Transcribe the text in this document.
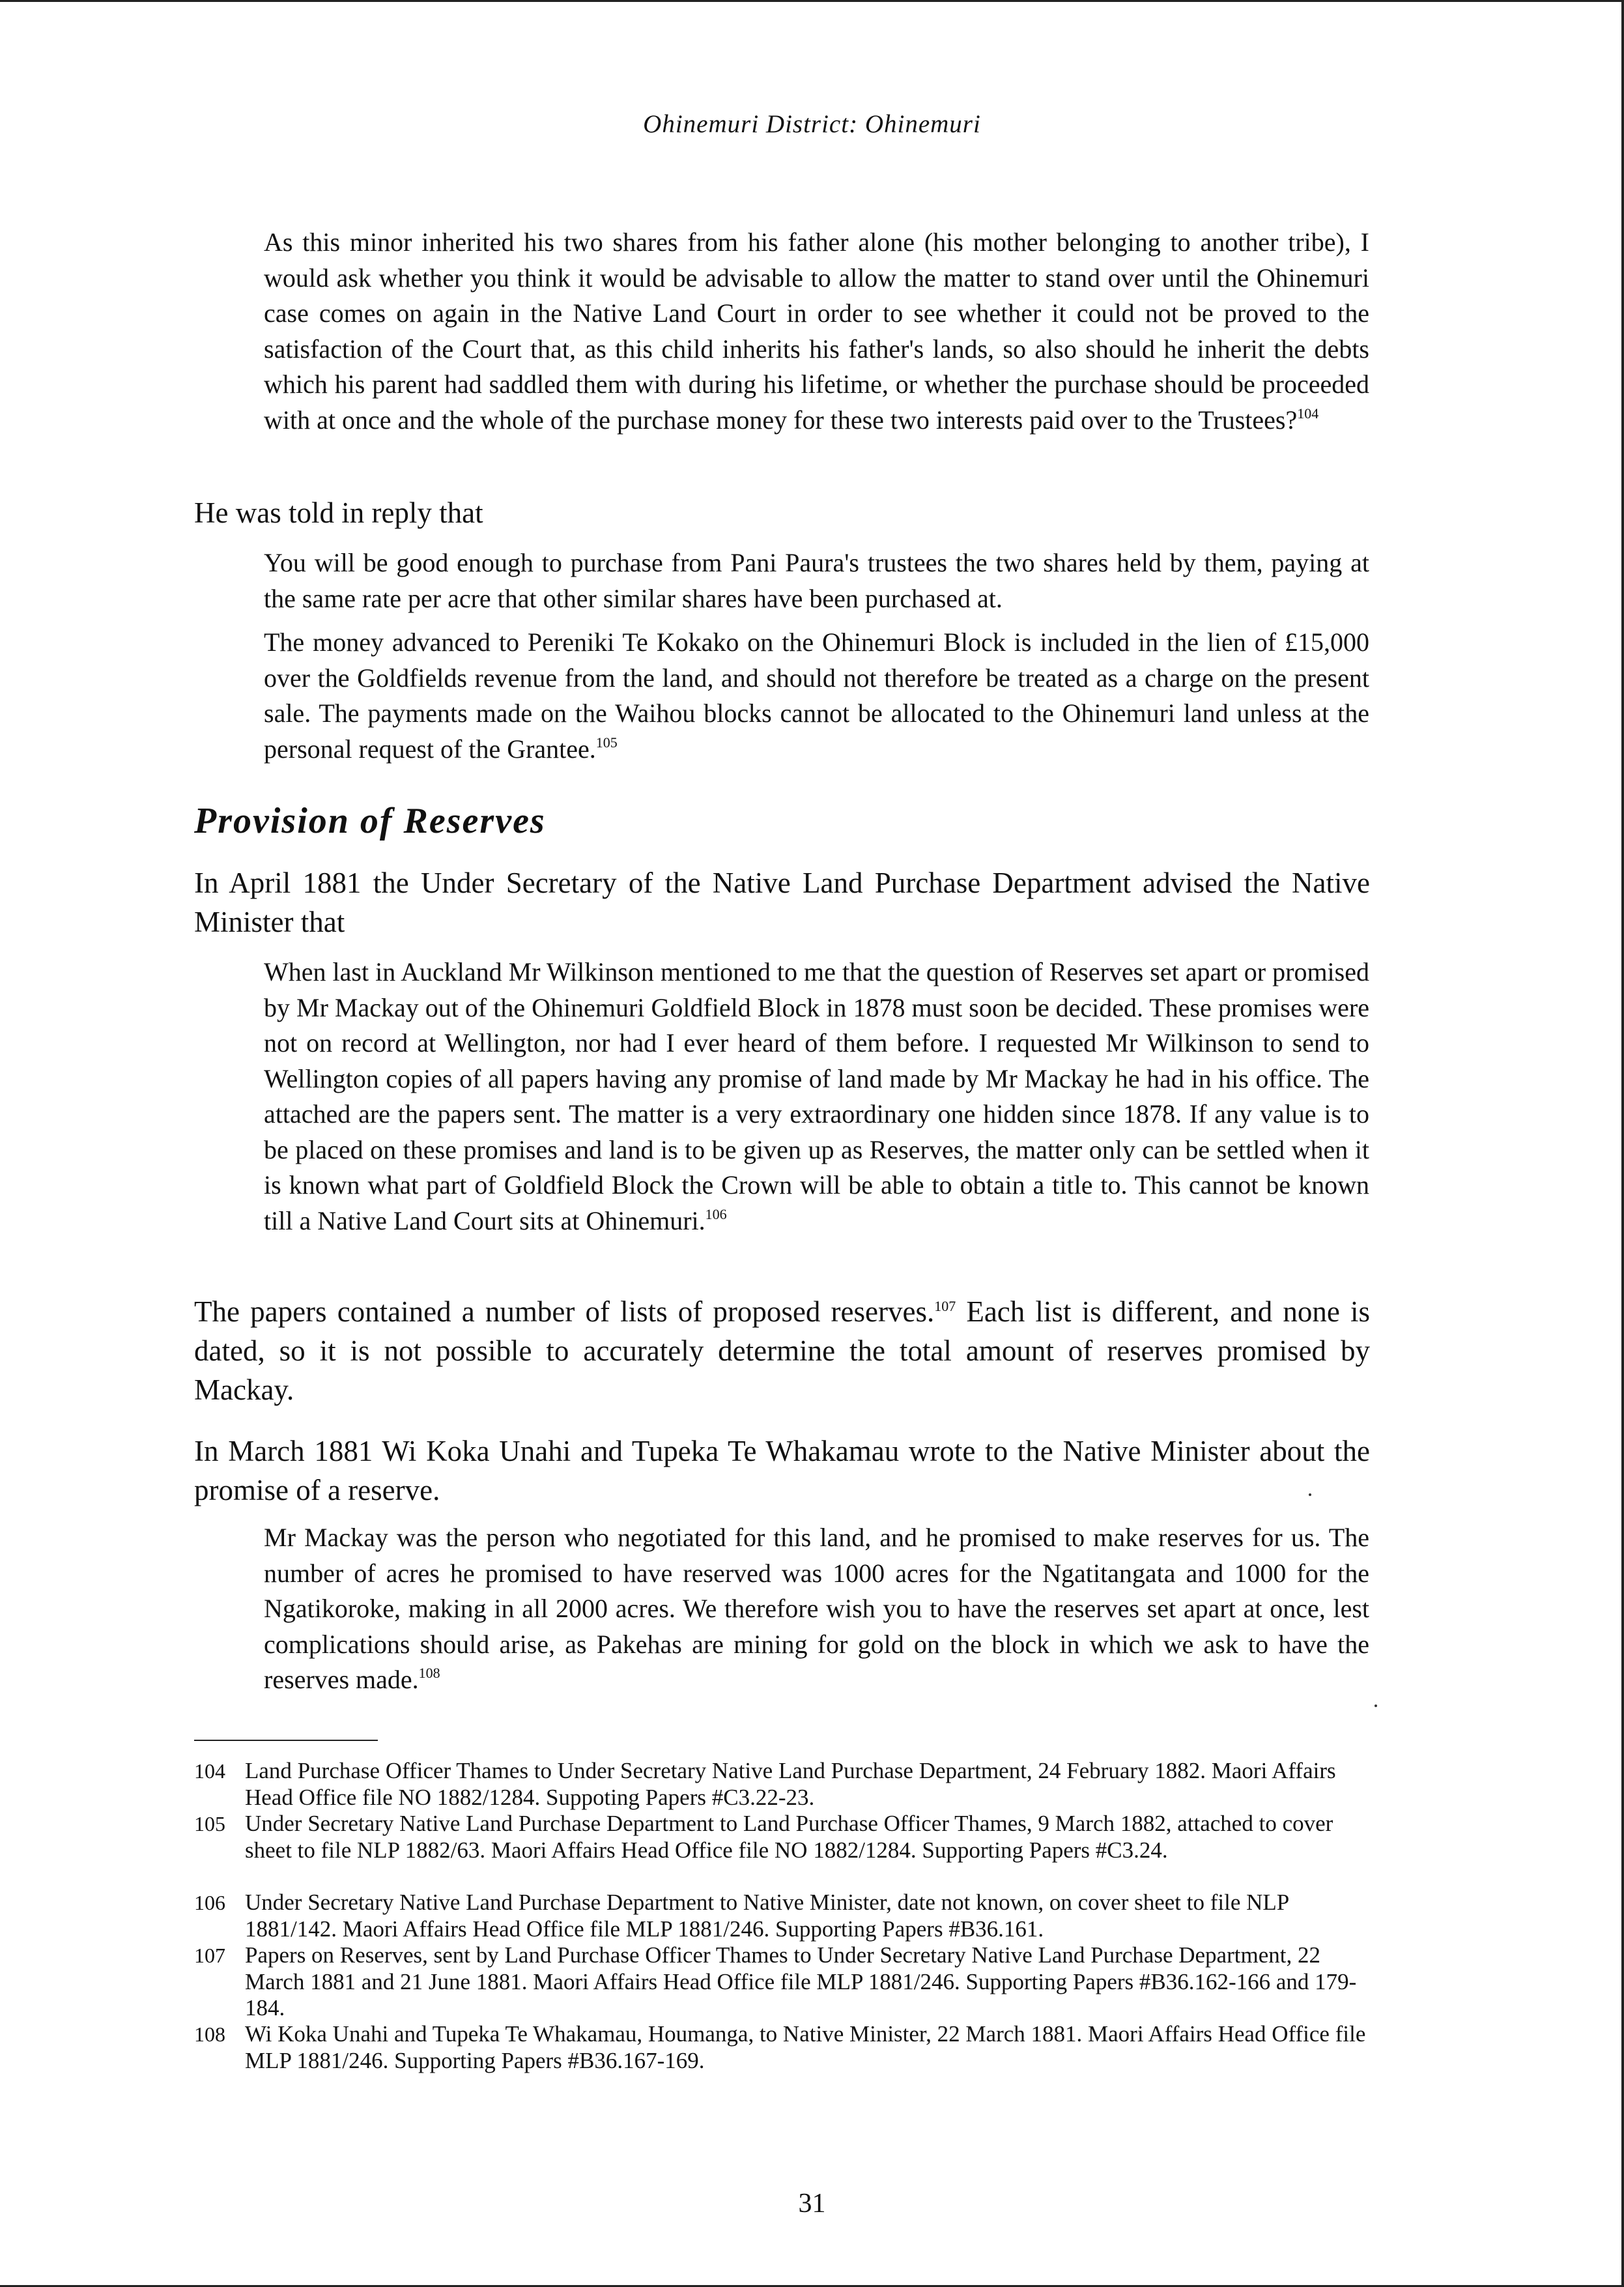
Ohinemuri District: Ohinemuri

As this minor inherited his two shares from his father alone (his mother belonging to another tribe), I would ask whether you think it would be advisable to allow the matter to stand over until the Ohinemuri case comes on again in the Native Land Court in order to see whether it could not be proved to the satisfaction of the Court that, as this child inherits his father's lands, so also should he inherit the debts which his parent had saddled them with during his lifetime, or whether the purchase should be proceeded with at once and the whole of the purchase money for these two interests paid over to the Trustees?$^{104}$

He was told in reply that

You will be good enough to purchase from Pani Paura's trustees the two shares held by them, paying at the same rate per acre that other similar shares have been purchased at.

The money advanced to Pereniki Te Kokako on the Ohinemuri Block is included in the lien of £15,000 over the Goldfields revenue from the land, and should not therefore be treated as a charge on the present sale. The payments made on the Waihou blocks cannot be allocated to the Ohinemuri land unless at the personal request of the Grantee.$^{105}$

Provision of Reserves

In April 1881 the Under Secretary of the Native Land Purchase Department advised the Native Minister that

When last in Auckland Mr Wilkinson mentioned to me that the question of Reserves set apart or promised by Mr Mackay out of the Ohinemuri Goldfield Block in 1878 must soon be decided. These promises were not on record at Wellington, nor had I ever heard of them before. I requested Mr Wilkinson to send to Wellington copies of all papers having any promise of land made by Mr Mackay he had in his office. The attached are the papers sent. The matter is a very extraordinary one hidden since 1878. If any value is to be placed on these promises and land is to be given up as Reserves, the matter only can be settled when it is known what part of Goldfield Block the Crown will be able to obtain a title to. This cannot be known till a Native Land Court sits at Ohinemuri.$^{106}$

The papers contained a number of lists of proposed reserves.$^{107}$ Each list is different, and none is dated, so it is not possible to accurately determine the total amount of reserves promised by Mackay.

In March 1881 Wi Koka Unahi and Tupeka Te Whakamau wrote to the Native Minister about the promise of a reserve.

Mr Mackay was the person who negotiated for this land, and he promised to make reserves for us. The number of acres he promised to have reserved was 1000 acres for the Ngatitangata and 1000 for the Ngatikoroke, making in all 2000 acres. We therefore wish you to have the reserves set apart at once, lest complications should arise, as Pakehas are mining for gold on the block in which we ask to have the reserves made.$^{108}$

104 Land Purchase Officer Thames to Under Secretary Native Land Purchase Department, 24 February 1882. Maori Affairs Head Office file NO 1882/1284. Suppoting Papers #C3.22-23.
105 Under Secretary Native Land Purchase Department to Land Purchase Officer Thames, 9 March 1882, attached to cover sheet to file NLP 1882/63. Maori Affairs Head Office file NO 1882/1284. Supporting Papers #C3.24.
106 Under Secretary Native Land Purchase Department to Native Minister, date not known, on cover sheet to file NLP 1881/142. Maori Affairs Head Office file MLP 1881/246. Supporting Papers #B36.161.
107 Papers on Reserves, sent by Land Purchase Officer Thames to Under Secretary Native Land Purchase Department, 22 March 1881 and 21 June 1881. Maori Affairs Head Office file MLP 1881/246. Supporting Papers #B36.162-166 and 179-184.
108 Wi Koka Unahi and Tupeka Te Whakamau, Houmanga, to Native Minister, 22 March 1881. Maori Affairs Head Office file MLP 1881/246. Supporting Papers #B36.167-169.
31
